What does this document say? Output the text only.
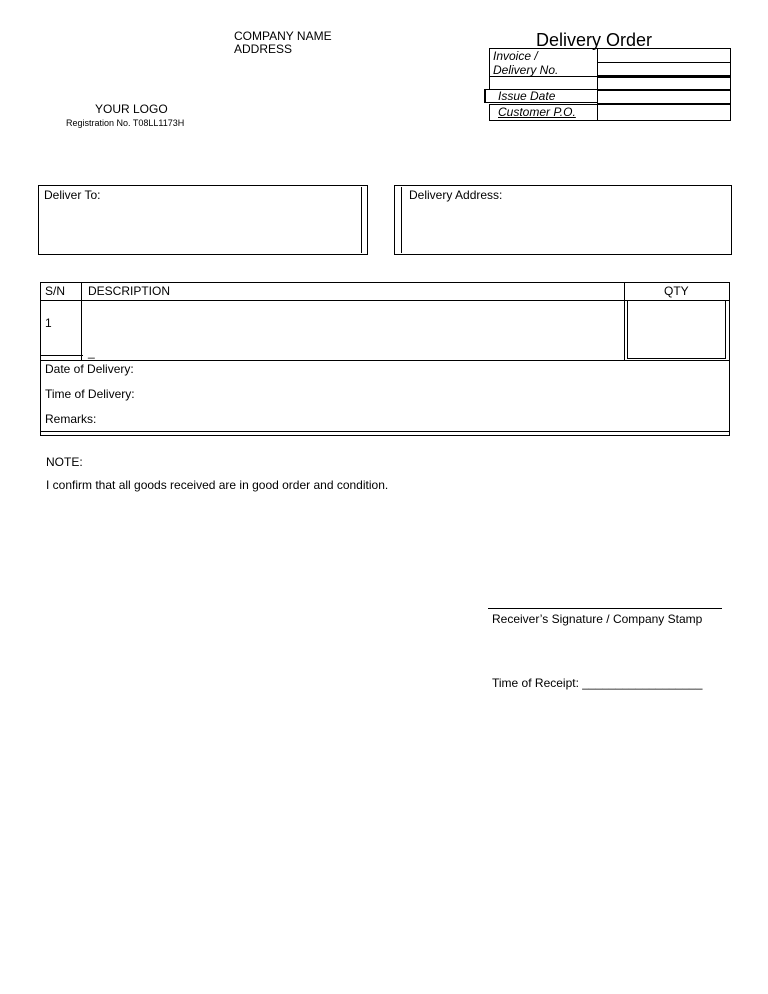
COMPANY NAME
ADDRESS
YOUR LOGO
Registration No. T08LL1173H
Delivery Order
Invoice /
Delivery No.
Issue Date
Customer P.O.
Deliver To:	Delivery Address:
S/N DESCRIPTION	QTY
1
_
Date of Delivery:
Time of Delivery:
Remarks:
NOTE:
I confirm that all goods received are in good order and condition.
Receiver’s Signature / Company Stamp
Time of Receipt: __________________
